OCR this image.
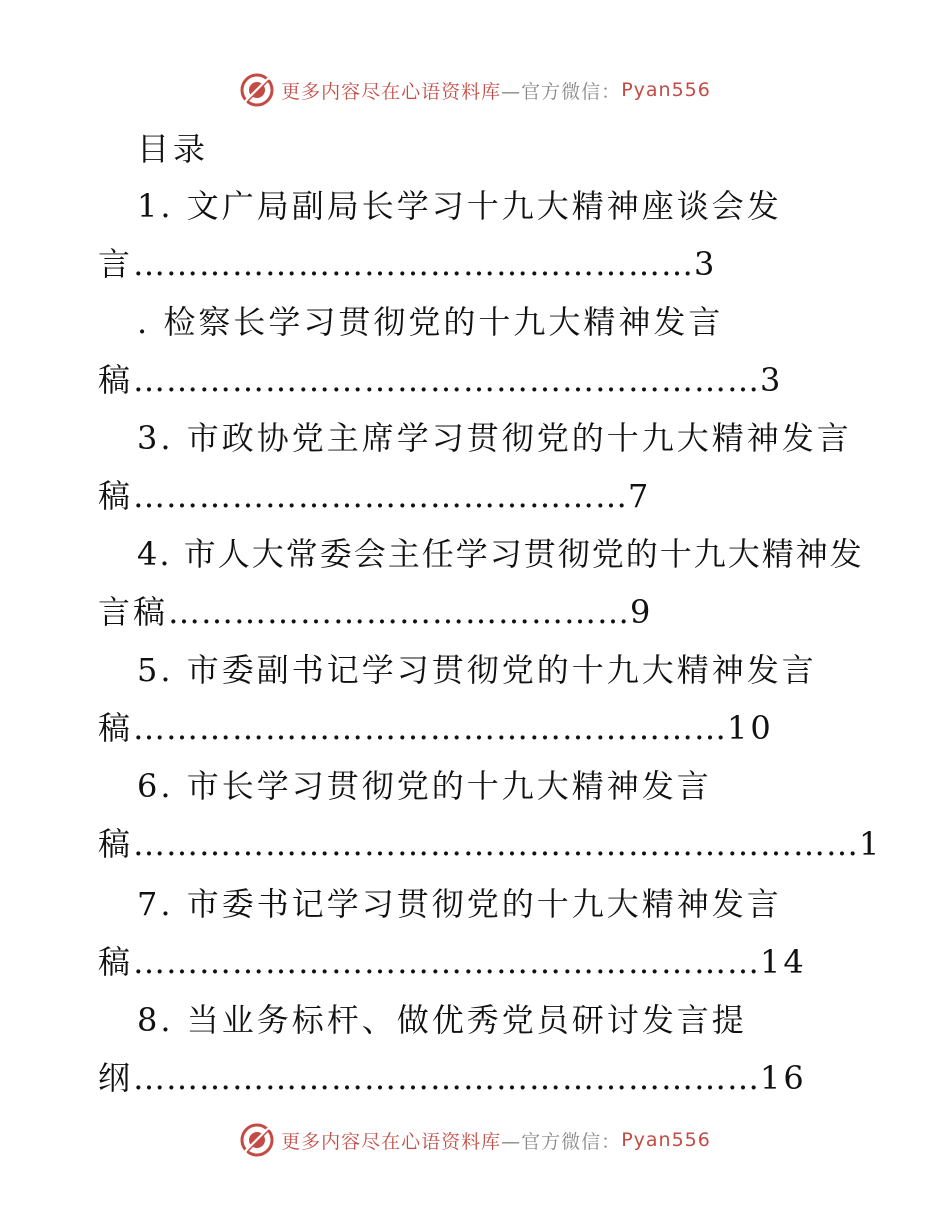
更多内容尽在心语资料库 —官方微信： Pyan556
目录
1. 文广局副局长学习十九大精神座谈会发
言……………………………………………3
. 检察长学习贯彻党的十九大精神发言
稿…………………………………………………3
3. 市政协党主席学习贯彻党的十九大精神发言
稿………………………………………7
4. 市人大常委会主任学习贯彻党的十九大精神发
言稿……………………………………9
5. 市委副书记学习贯彻党的十九大精神发言
稿………………………………………………10
6. 市长学习贯彻党的十九大精神发言
稿…………………………………………………………1
7. 市委书记学习贯彻党的十九大精神发言
稿…………………………………………………14
8. 当业务标杆、做优秀党员研讨发言提
纲…………………………………………………16
更多内容尽在心语资料库 —官方微信： Pyan556
